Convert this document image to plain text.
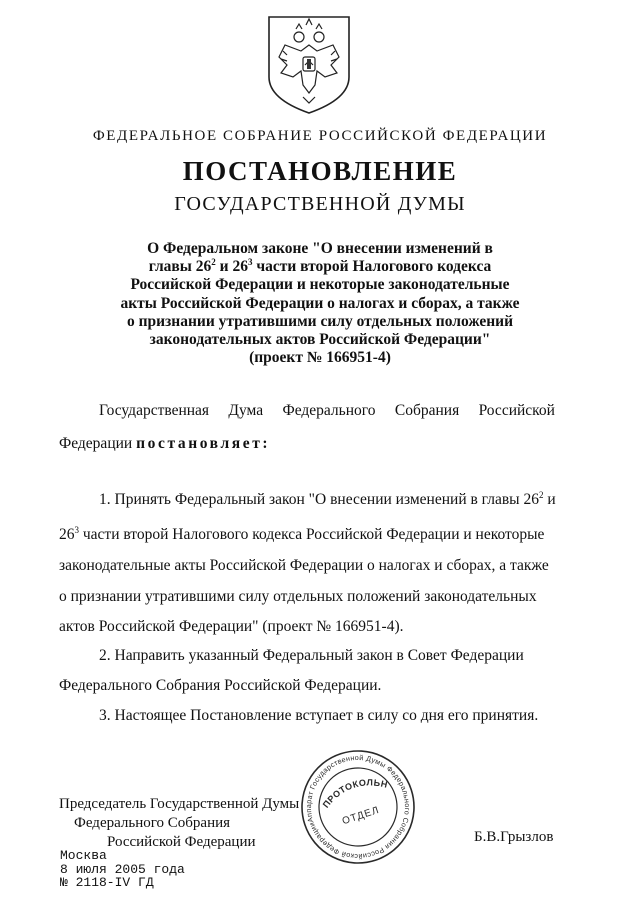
ФЕДЕРАЛЬНОЕ СОБРАНИЕ РОССИЙСКОЙ ФЕДЕРАЦИИ
ПОСТАНОВЛЕНИЕ
ГОСУДАРСТВЕННОЙ ДУМЫ
О Федеральном законе "О внесении изменений в
главы $26^2$ и $26^3$ части второй Налогового кодекса
Российской Федерации и некоторые законодательные
акты Российской Федерации о налогах и сборах, а также
о признании утратившими силу отдельных положений
законодательных актов Российской Федерации"
(проект № 166951-4)
Государственная Дума Федерального Собрания Российской
Федерации постановляет:
1. Принять Федеральный закон "О внесении изменений в главы $26^2$ и
$26^3$ части второй Налогового кодекса Российской Федерации и некоторые
законодательные акты Российской Федерации о налогах и сборах, а также
о признании утратившими силу отдельных положений законодательных
актов Российской Федерации" (проект № 166951-4).
2. Направить указанный Федеральный закон в Совет Федерации
Федерального Собрания Российской Федерации.
3. Настоящее Постановление вступает в силу со дня его принятия.
Аппарат Государственной Думы Федерального Собрания Российской Федерации
ПРОТОКОЛЬНЫЙ
ОТДЕЛ
Председатель Государственной Думы
Федерального Собрания
Российской Федерации	Б.В.Грызлов
Москва
8 июля 2005 года
№ 2118-IV ГД
